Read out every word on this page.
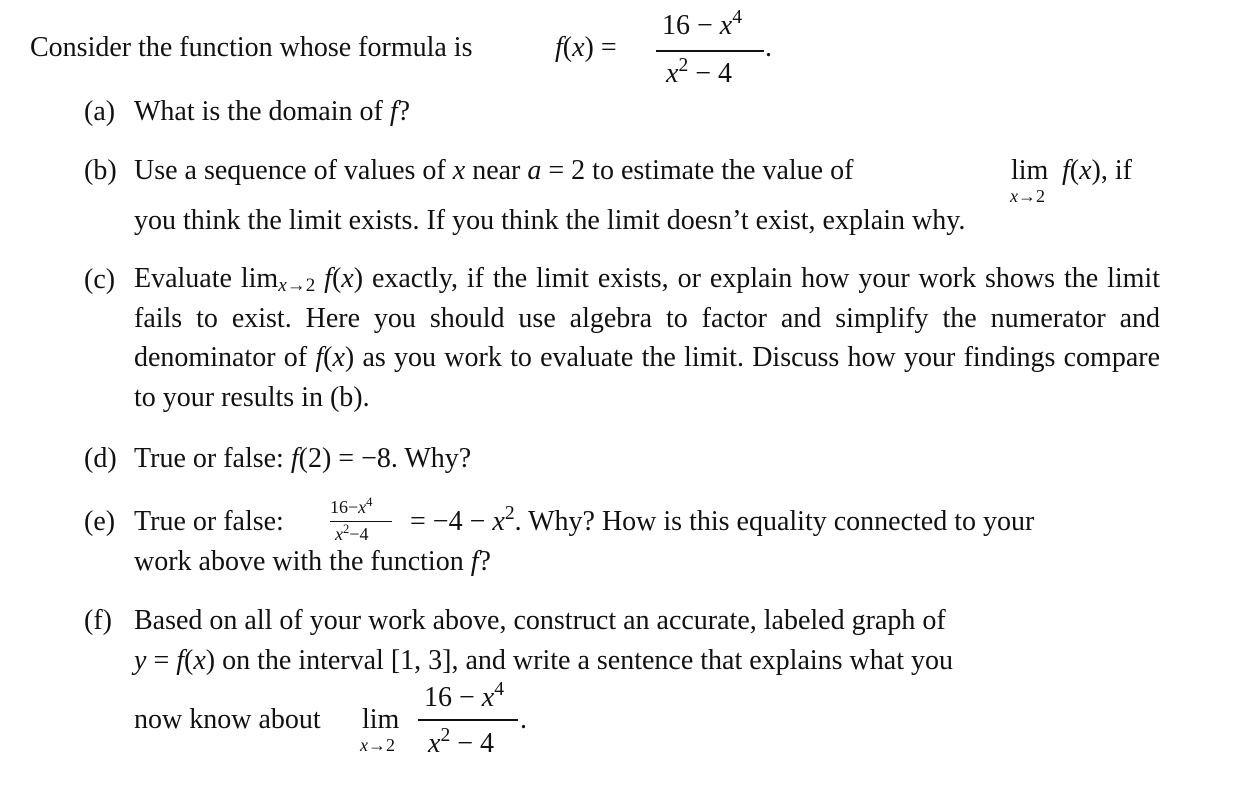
Consider the function whose formula is	f(x) =
$16 - x^4$
$x^2 - 4$
.
(a) What is the domain of f?
(b) Use a sequence of values of x near a = 2 to estimate the value of	lim
x→2
f(x), if
you think the limit exists. If you think the limit doesn’t exist, explain why.
(c) Evaluate $\lim_{x\to 2} f(x)$ exactly, if the limit exists, or explain how your work shows the limit fails to exist. Here you should use algebra to factor and simplify the numerator and denominator of f(x) as you work to evaluate the limit. Discuss how your findings compare to your results in (b).
(d) True or false: f(2) = −8. Why?
(e) True or false:	$16-x^4$
$x^2-4 = -4 - x^2$. Why? How is this equality connected to your
work above with the function f?
(f) Based on all of your work above, construct an accurate, labeled graph of
y = f(x) on the interval [1, 3], and write a sentence that explains what you
now know about lim
x→2
$16 - x^4$
$x^2 - 4$
.
